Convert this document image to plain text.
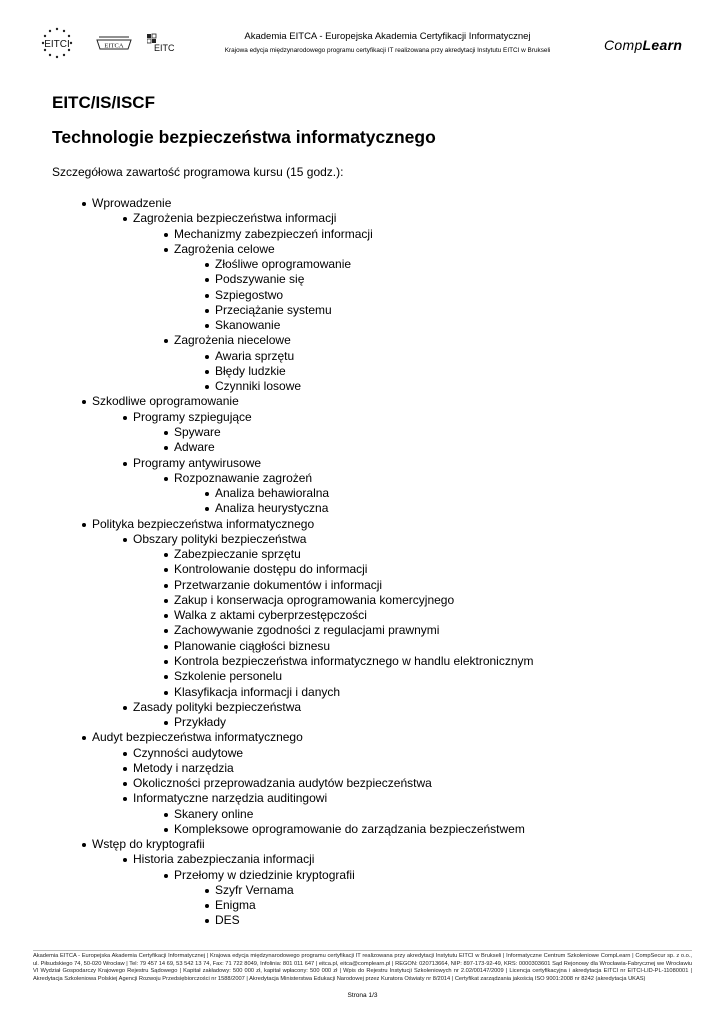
EITCI	EITCA	EITC
Akademia EITCA - Europejska Akademia Certyfikacji Informatycznej
Krajowa edycja międzynarodowego programu certyfikacji IT realizowana przy akredytacji Instytutu EITCI w Brukseli	CompLearn
EITC/IS/ISCF
Technologie bezpieczeństwa informatycznego
Szczegółowa zawartość programowa kursu (15 godz.):
Wprowadzenie
Zagrożenia bezpieczeństwa informacji
Mechanizmy zabezpieczeń informacji
Zagrożenia celowe
Złośliwe oprogramowanie
Podszywanie się
Szpiegostwo
Przeciążanie systemu
Skanowanie
Zagrożenia niecelowe
Awaria sprzętu
Błędy ludzkie
Czynniki losowe
Szkodliwe oprogramowanie
Programy szpiegujące
Spyware
Adware
Programy antywirusowe
Rozpoznawanie zagrożeń
Analiza behawioralna
Analiza heurystyczna
Polityka bezpieczeństwa informatycznego
Obszary polityki bezpieczeństwa
Zabezpieczanie sprzętu
Kontrolowanie dostępu do informacji
Przetwarzanie dokumentów i informacji
Zakup i konserwacja oprogramowania komercyjnego
Walka z aktami cyberprzestępczości
Zachowywanie zgodności z regulacjami prawnymi
Planowanie ciągłości biznesu
Kontrola bezpieczeństwa informatycznego w handlu elektronicznym
Szkolenie personelu
Klasyfikacja informacji i danych
Zasady polityki bezpieczeństwa
Przykłady
Audyt bezpieczeństwa informatycznego
Czynności audytowe
Metody i narzędzia
Okoliczności przeprowadzania audytów bezpieczeństwa
Informatyczne narzędzia auditingowi
Skanery online
Kompleksowe oprogramowanie do zarządzania bezpieczeństwem
Wstęp do kryptografii
Historia zabezpieczania informacji
Przełomy w dziedzinie kryptografii
Szyfr Vernama
Enigma
DES
Akademia EITCA - Europejska Akademia Certyfikacji Informatycznej | Krajowa edycja międzynarodowego programu certyfikacji IT realizowana przy akredytacji Instytutu EITCI w Brukseli | Informatyczne Centrum Szkoleniowe CompLearn | CompSecur sp. z o.o., ul. Piłsudskiego 74, 50-020 Wrocław | Tel: 79 457 14 69, 53 542 13 74, Fax: 71 722 8049, Infolinia: 801 011 647 | eitca.pl, eitca@complearn.pl | REGON: 020713664, NIP: 897-173-92-49, KRS: 0000303601 Sąd Rejonowy dla Wrocławia-Fabrycznej we Wrocławiu VI Wydział Gospodarczy Krajowego Rejestru Sądowego | Kapitał zakładowy: 500 000 zł, kapitał wpłacony: 500 000 zł | Wpis do Rejestru Instytucji Szkoleniowych nr 2.02/00147/2009 | Licencja certyfikacyjna i akredytacja EITCI nr EITCI-LID-PL-11080001 | Akredytacja Szkoleniowa Polskiej Agencji Rozwoju Przedsiębiorczości nr 1588/2007 | Akredytacja Ministerstwa Edukacji Narodowej przez Kuratora Oświaty nr 8/2014 | Certyfikat zarządzania jakością ISO 9001:2008 nr 8242 (akredytacja UKAS)
Strona 1/3
